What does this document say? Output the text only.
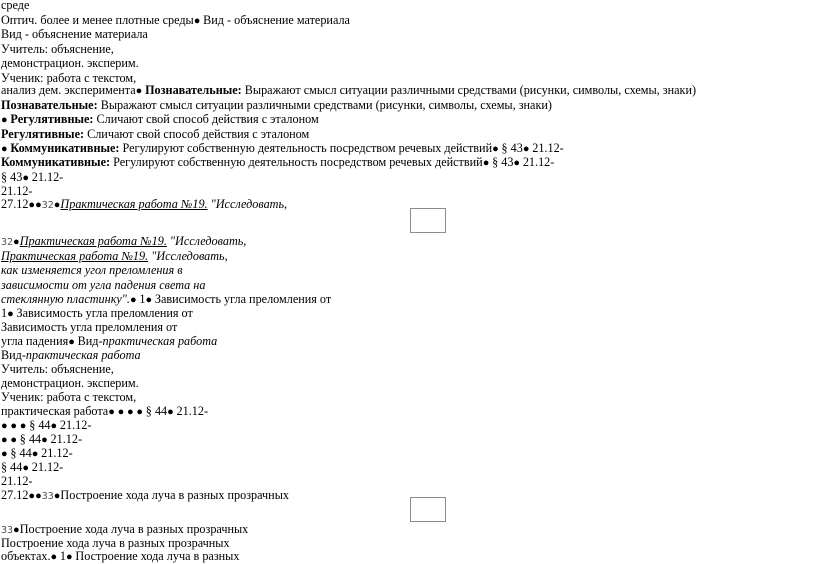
среде
Оптич. более и менее плотные среды● Вид - объяснение материала
Вид - объяснение материала
Учитель: объяснение,
демонстрацион. эксперим.
Ученик: работа с текстом,
анализ дем. эксперимента● Познавательные: Выражают смысл ситуации различными средствами (рисунки, символы, схемы, знаки)
Познавательные: Выражают смысл ситуации различными средствами (рисунки, символы, схемы, знаки)
● Регулятивные: Сличают свой способ действия с эталоном
Регулятивные: Сличают свой способ действия с эталоном
● Коммуникативные: Регулируют собственную деятельность посредством речевых действий● § 43● 21.12-
Коммуникативные: Регулируют собственную деятельность посредством речевых действий● § 43● 21.12-
§ 43● 21.12-
21.12-
27.12●●32●Практическая работа №19. "Исследовать,
32●Практическая работа №19. "Исследовать,
Практическая работа №19. "Исследовать,
как изменяется угол преломления в
зависимости от угла падения света на
стеклянную пластинку".● 1● Зависимость угла преломления от
1● Зависимость угла преломления от
Зависимость угла преломления от
угла падения● Вид-практическая работа
Вид-практическая работа
Учитель: объяснение,
демонстрацион. эксперим.
Ученик: работа с текстом,
практическая работа● ● ● ● § 44● 21.12-
● ● ● § 44● 21.12-
● ● § 44● 21.12-
● § 44● 21.12-
§ 44● 21.12-
21.12-
27.12●●33●Построение хода луча в разных прозрачных
33●Построение хода луча в разных прозрачных
Построение хода луча в разных прозрачных
объектах.● 1● Построение хода луча в разных
